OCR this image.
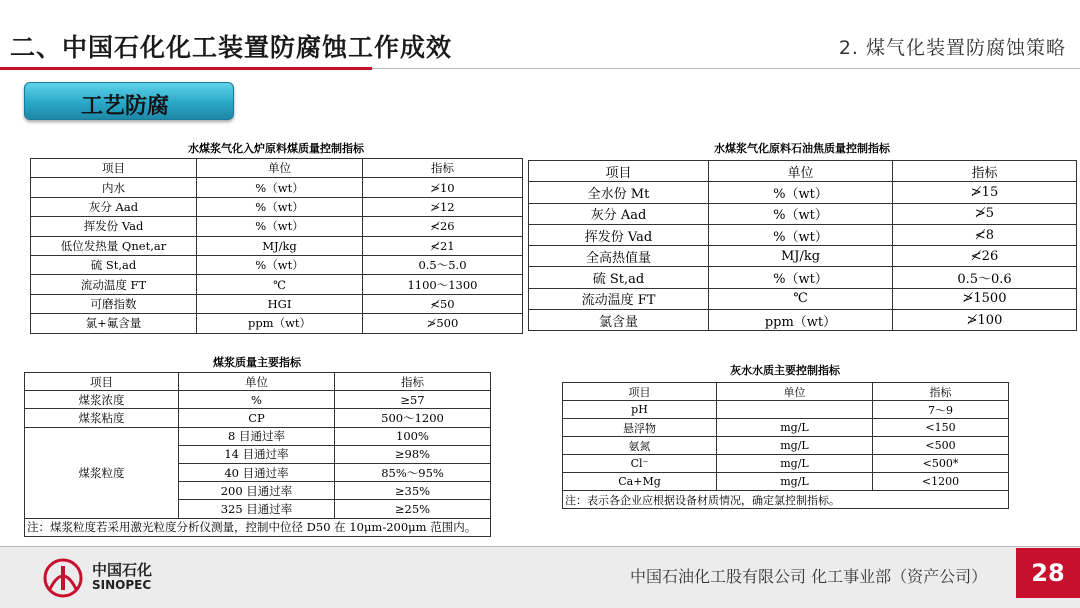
二、中国石化化工装置防腐蚀工作成效	2. 煤气化装置防腐蚀策略
工艺防腐
水煤浆气化入炉原料煤质量控制指标
项目	单位	指标
内水	%（wt）	≯10
灰分 Aad	%（wt）	≯12
挥发份 Vad	%（wt）	≮26
低位发热量 Qnet,ar	MJ/kg	≮21
硫 St,ad	%（wt）	0.5～5.0
流动温度 FT	℃	1100～1300
可磨指数	HGI	≮50
氯+氟含量	ppm（wt）	≯500
水煤浆气化原料石油焦质量控制指标
项目	单位	指标
全水份 Mt	%（wt）	≯15
灰分 Aad	%（wt）	≯5
挥发份 Vad	%（wt）	≮8
全高热值量	MJ/kg	≮26
硫 St,ad	%（wt）	0.5～0.6
流动温度 FT	℃	≯1500
氯含量	ppm（wt）	≯100
煤浆质量主要指标
项目	单位	指标
煤浆浓度	%	≥57
煤浆粘度	CP	500～1200
煤浆粒度	8 目通过率	100%
	14 目通过率	≥98%
	40 目通过率	85%～95%
	200 目通过率	≥35%
	325 目通过率	≥25%
注：煤浆粒度若采用激光粒度分析仪测量，控制中位径 D50 在 10μm-200μm 范围内。		
灰水水质主要控制指标
项目	单位	指标
pH		7～9
悬浮物	mg/L	<150
氨氮	mg/L	<500
Cl⁻	mg/L	<500*
Ca+Mg	mg/L	<1200
注：表示各企业应根据设备材质情况，确定氯控制指标。		
中国石化
SINOPEC	中国石油化工股有限公司 化工事业部（资产公司）	28
